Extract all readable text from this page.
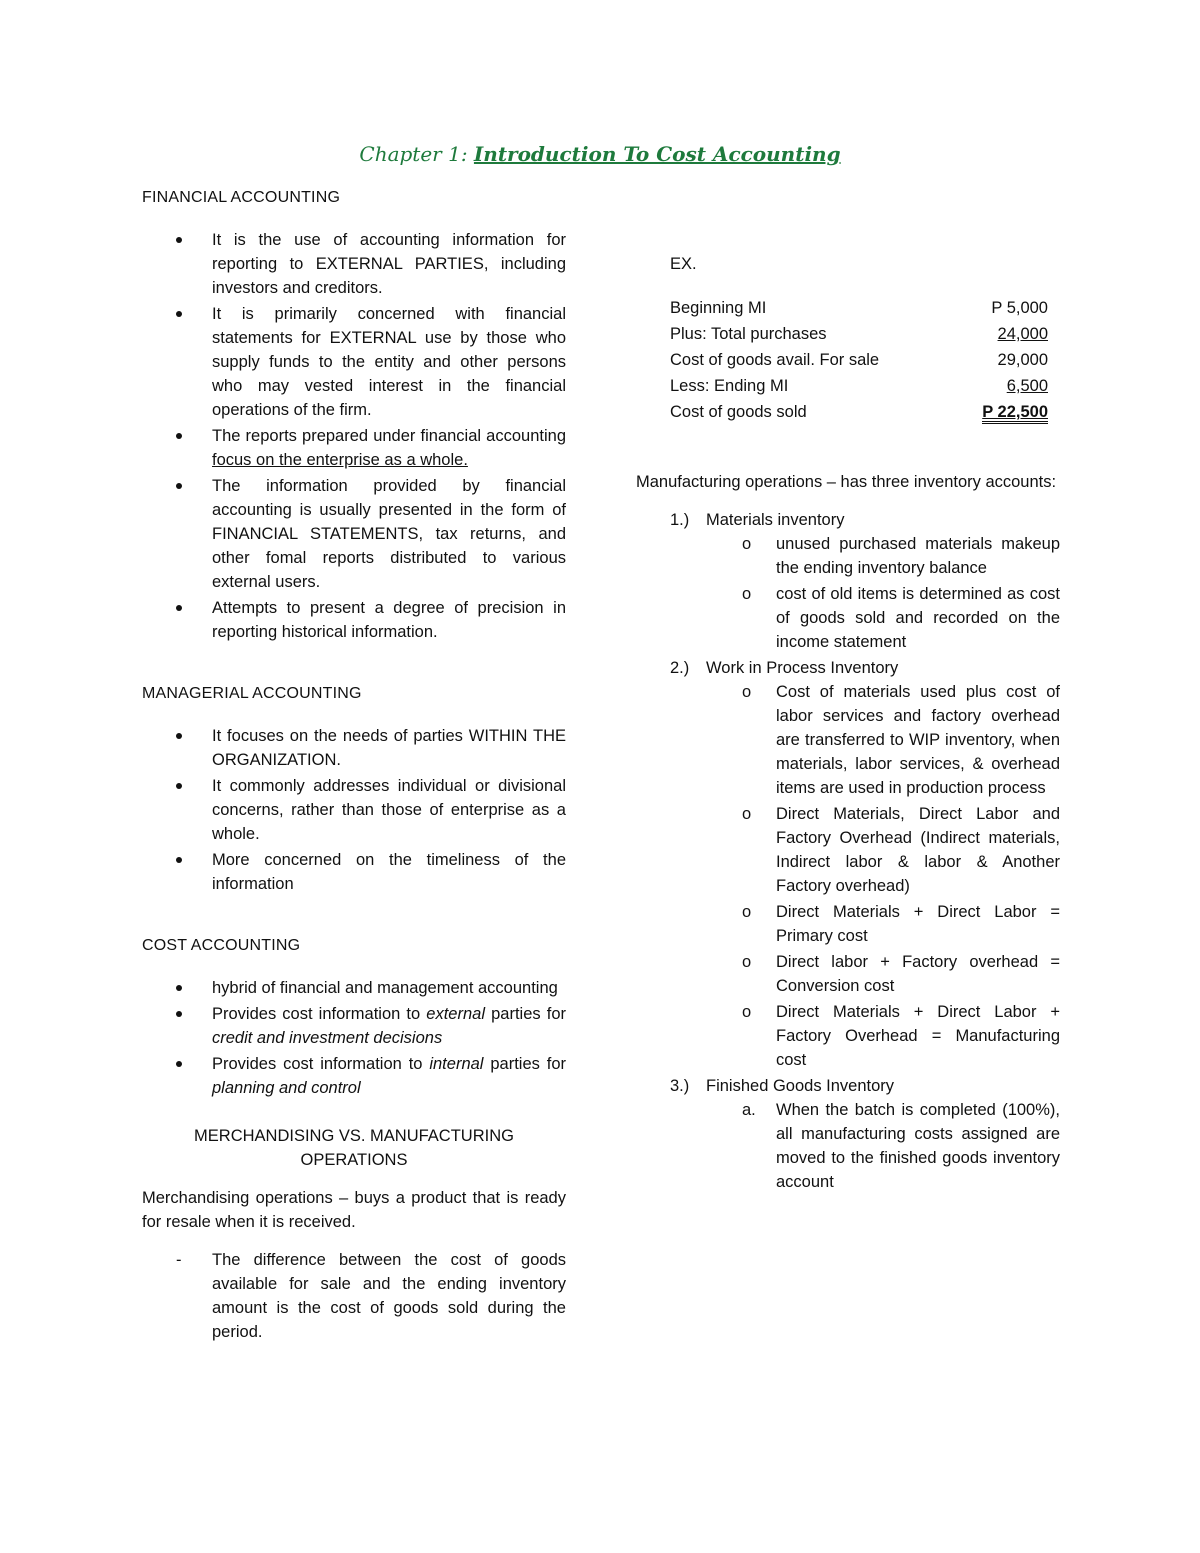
Chapter 1: Introduction To Cost Accounting

FINANCIAL ACCOUNTING

It is the use of accounting information for reporting to EXTERNAL PARTIES, including investors and creditors.
It is primarily concerned with financial statements for EXTERNAL use by those who supply funds to the entity and other persons who may vested interest in the financial operations of the firm.
The reports prepared under financial accounting focus on the enterprise as a whole.
The information provided by financial accounting is usually presented in the form of FINANCIAL STATEMENTS, tax returns, and other fomal reports distributed to various external users.
Attempts to present a degree of precision in reporting historical information.

MANAGERIAL ACCOUNTING

It focuses on the needs of parties WITHIN THE ORGANIZATION.
It commonly addresses individual or divisional concerns, rather than those of enterprise as a whole.
More concerned on the timeliness of the information

COST ACCOUNTING

hybrid of financial and management accounting
Provides cost information to external parties for credit and investment decisions
Provides cost information to internal parties for planning and control

MERCHANDISING VS. MANUFACTURING

OPERATIONS

Merchandising operations – buys a product that is ready for resale when it is received.

- The difference between the cost of goods available for sale and the ending inventory amount is the cost of goods sold during the period.

EX.

Beginning MI	P 5,000
Plus: Total purchases	24,000
Cost of goods avail. For sale	29,000
Less: Ending MI	6,500
Cost of goods sold	P 22,500

Manufacturing operations – has three inventory accounts:

1.) Materials inventory

o unused purchased materials makeup the ending inventory balance

o cost of old items is determined as cost of goods sold and recorded on the income statement

2.) Work in Process Inventory

o Cost of materials used plus cost of labor services and factory overhead are transferred to WIP inventory, when materials, labor services, & overhead items are used in production process

o Direct Materials, Direct Labor and Factory Overhead (Indirect materials, Indirect labor & labor & Another Factory overhead)

o Direct Materials + Direct Labor = Primary cost

o Direct labor + Factory overhead = Conversion cost

o Direct Materials + Direct Labor + Factory Overhead = Manufacturing cost

3.) Finished Goods Inventory

a. When the batch is completed (100%), all manufacturing costs assigned are moved to the finished goods inventory account
